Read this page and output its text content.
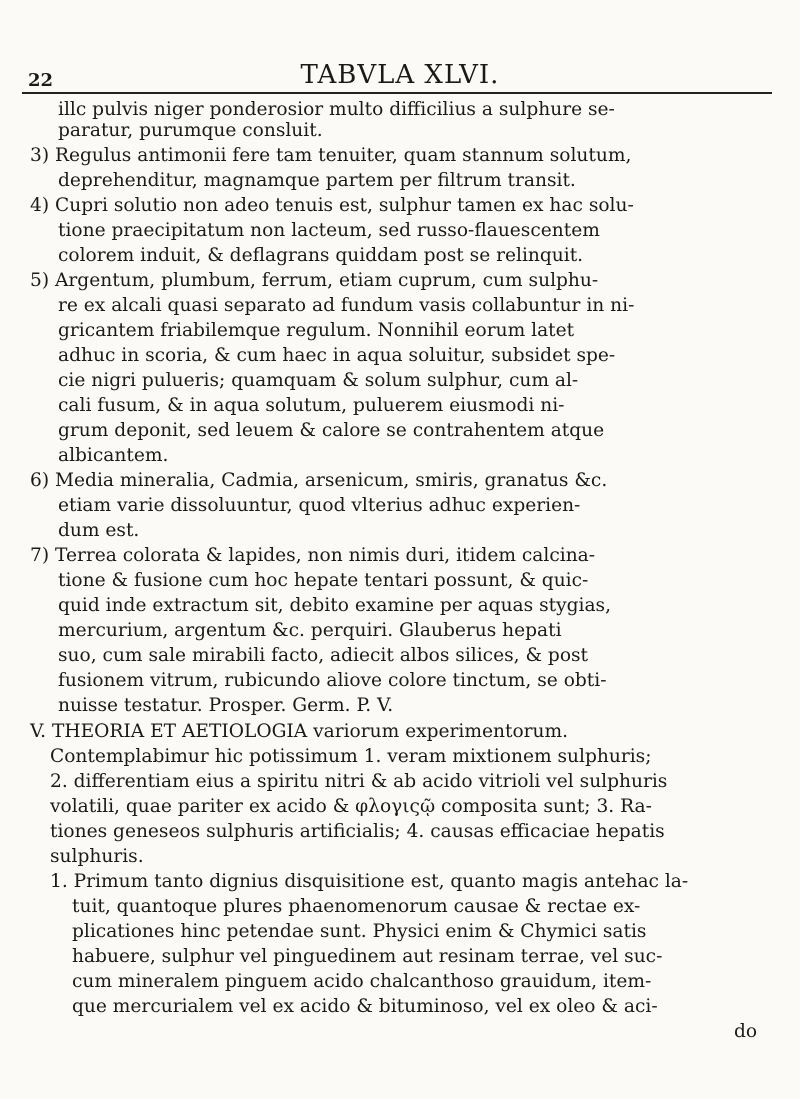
22	TABVLA XLVI.
illc pulvis niger ponderosior multo difficilius a sulphure se-
paratur, purumque consluit.
3) Regulus antimonii fere tam tenuiter, quam stannum solutum,
deprehenditur, magnamque partem per filtrum transit.
4) Cupri solutio non adeo tenuis est, sulphur tamen ex hac solu-
tione praecipitatum non lacteum, sed russo-flauescentem
colorem induit, & deflagrans quiddam post se relinquit.
5) Argentum, plumbum, ferrum, etiam cuprum, cum sulphu-
re ex alcali quasi separato ad fundum vasis collabuntur in ni-
gricantem friabilemque regulum. Nonnihil eorum latet
adhuc in scoria, & cum haec in aqua soluitur, subsidet spe-
cie nigri pulueris; quamquam & solum sulphur, cum al-
cali fusum, & in aqua solutum, puluerem eiusmodi ni-
grum deponit, sed leuem & calore se contrahentem atque
albicantem.
6) Media mineralia, Cadmia, arsenicum, smiris, granatus &c.
etiam varie dissoluuntur, quod vlterius adhuc experien-
dum est.
7) Terrea colorata & lapides, non nimis duri, itidem calcina-
tione & fusione cum hoc hepate tentari possunt, & quic-
quid inde extractum sit, debito examine per aquas stygias,
mercurium, argentum &c. perquiri. Glauberus hepati
suo, cum sale mirabili facto, adiecit albos silices, & post
fusionem vitrum, rubicundo aliove colore tinctum, se obti-
nuisse testatur. Prosper. Germ. P. V.
V. THEORIA ET AETIOLOGIA variorum experimentorum.
Contemplabimur hic potissimum 1. veram mixtionem sulphuris;
2. differentiam eius a spiritu nitri & ab acido vitrioli vel sulphuris
volatili, quae pariter ex acido & φλογιςῷ composita sunt; 3. Ra-
tiones geneseos sulphuris artificialis; 4. causas efficaciae hepatis
sulphuris.
1. Primum tanto dignius disquisitione est, quanto magis antehac la-
tuit, quantoque plures phaenomenorum causae & rectae ex-
plicationes hinc petendae sunt. Physici enim & Chymici satis
habuere, sulphur vel pinguedinem aut resinam terrae, vel suc-
cum mineralem pinguem acido chalcanthoso grauidum, item-
que mercurialem vel ex acido & bituminoso, vel ex oleo & aci-
do
